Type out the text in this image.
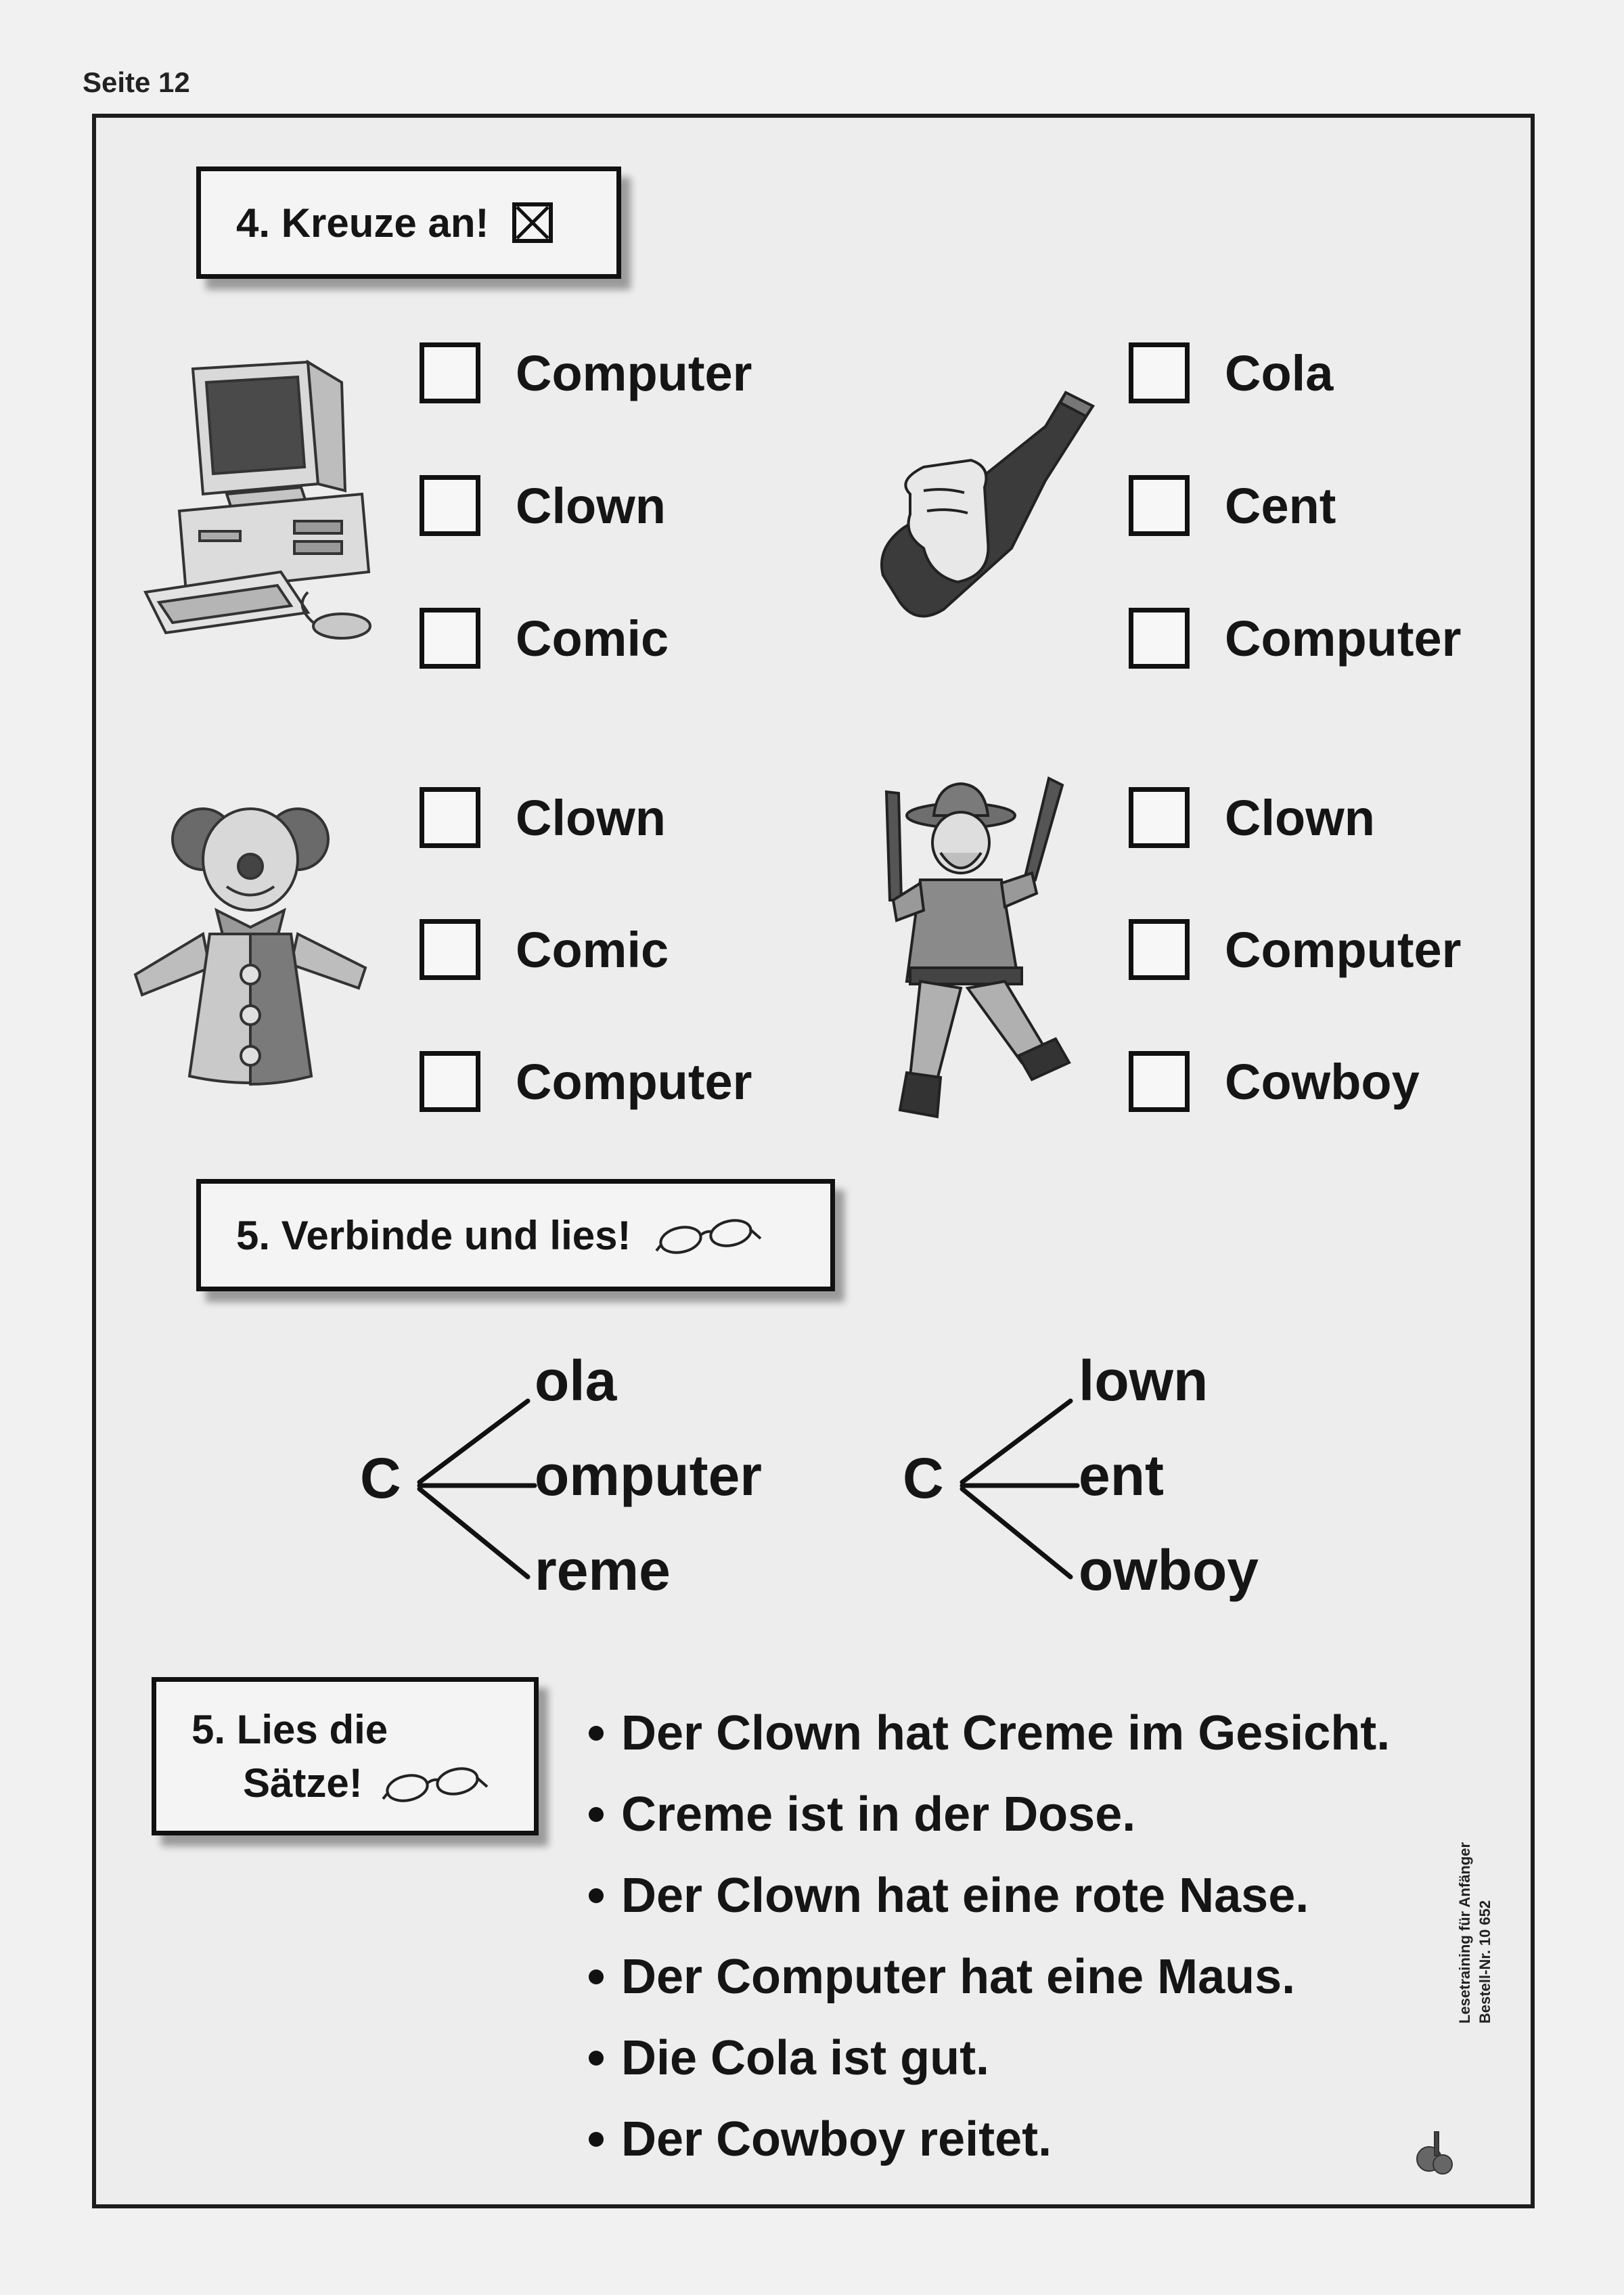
Seite 12
4. Kreuze an!
Computer
Clown
Comic
Cola
Cent
Computer
Clown
Comic
Computer
Clown
Computer
Cowboy
5. Verbinde und lies!
C
ola
omputer
reme
C
lown
ent
owboy
5. Lies die
Sätze!
Der Clown hat Creme im Gesicht.
Creme ist in der Dose.
Der Clown hat eine rote Nase.
Der Computer hat eine Maus.
Die Cola ist gut.
Der Cowboy reitet.
Lesetraining für Anfänger Bestell-Nr. 10 652
